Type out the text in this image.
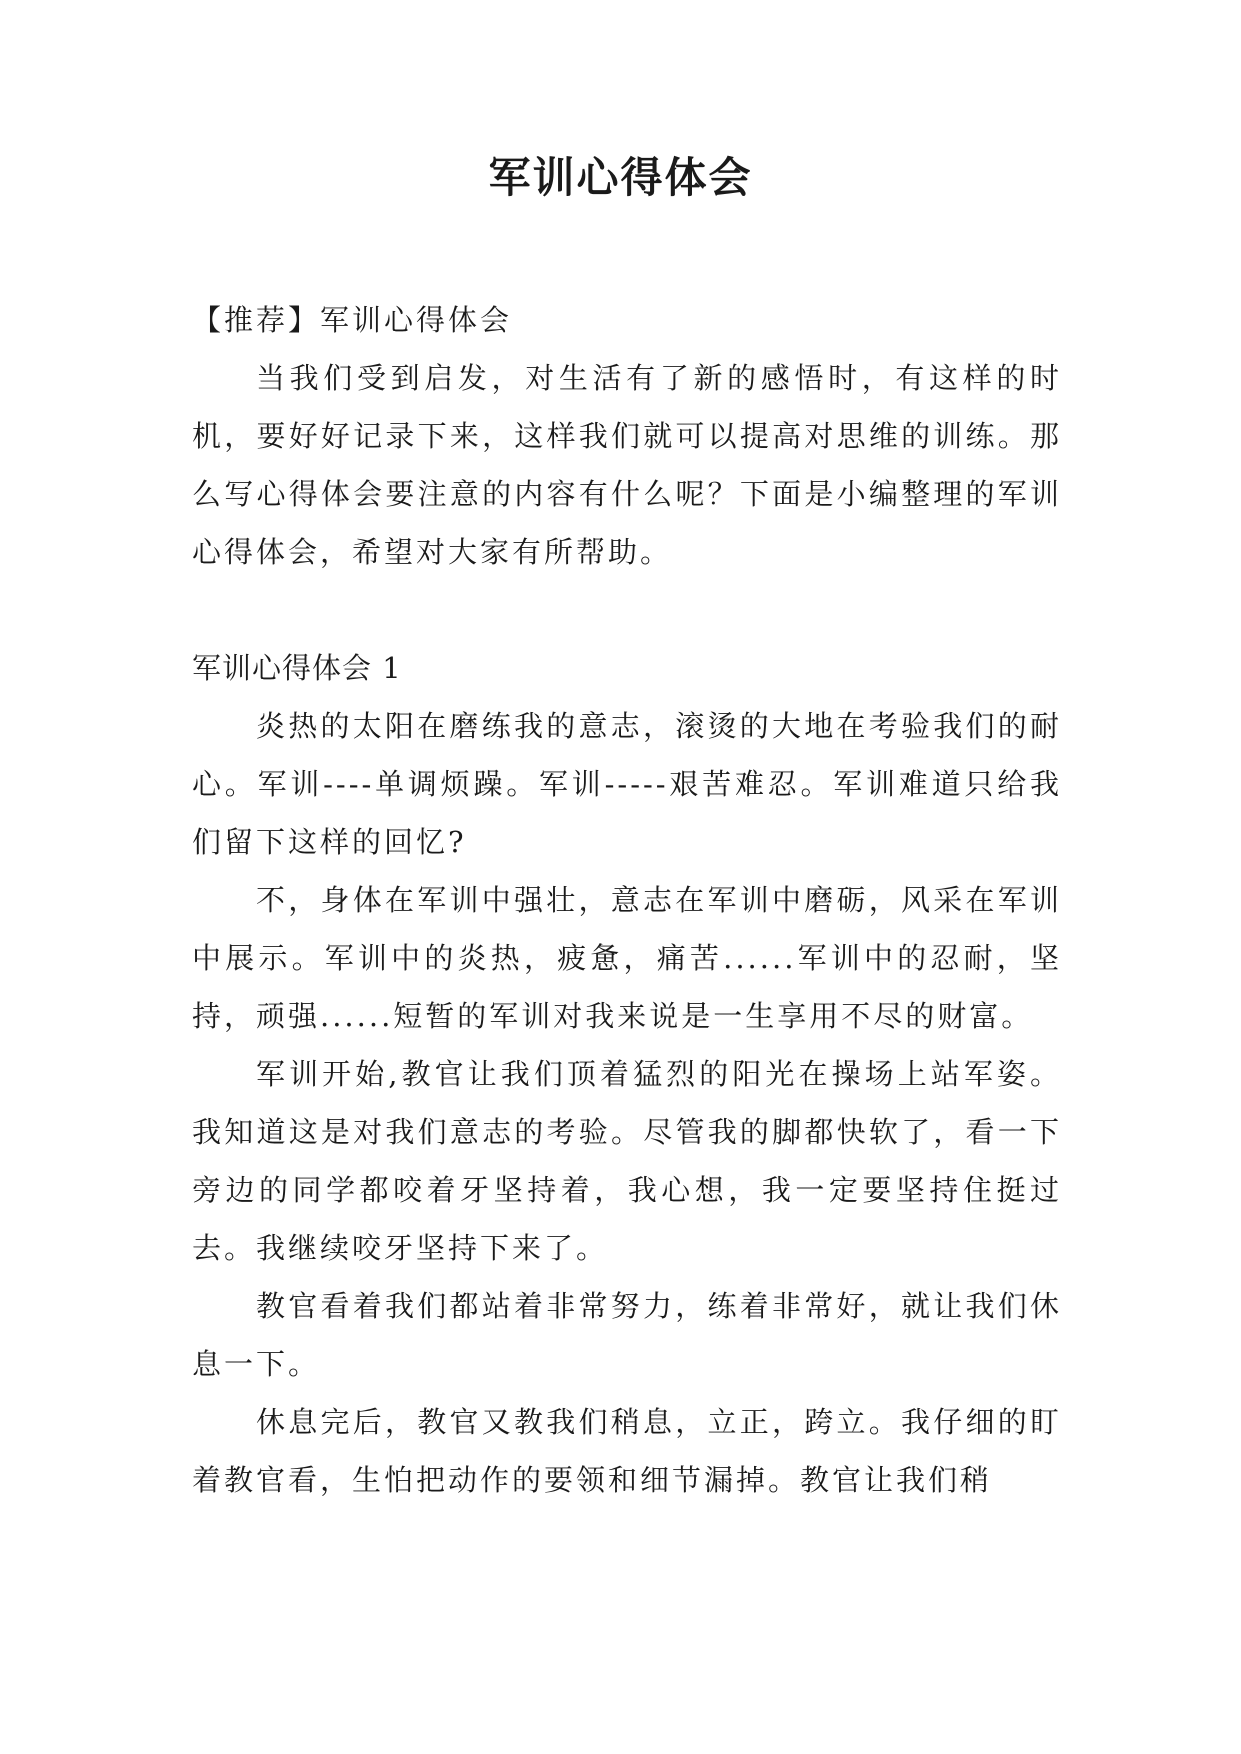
军训心得体会

【推荐】军训心得体会

当我们受到启发，对生活有了新的感悟时，有这样的时机，要好好记录下来，这样我们就可以提高对思维的训练。那么写心得体会要注意的内容有什么呢？下面是小编整理的军训心得体会，希望对大家有所帮助。

军训心得体会 1

炎热的太阳在磨练我的意志，滚烫的大地在考验我们的耐心。军训----单调烦躁。军训-----艰苦难忍。军训难道只给我们留下这样的回忆?

不，身体在军训中强壮，意志在军训中磨砺，风采在军训中展示。军训中的炎热，疲惫，痛苦......军训中的忍耐，坚持，顽强......短暂的军训对我来说是一生享用不尽的财富。

军训开始,教官让我们顶着猛烈的阳光在操场上站军姿。我知道这是对我们意志的考验。尽管我的脚都快软了，看一下旁边的同学都咬着牙坚持着，我心想，我一定要坚持住挺过去。我继续咬牙坚持下来了。

教官看着我们都站着非常努力，练着非常好，就让我们休息一下。

休息完后，教官又教我们稍息，立正，跨立。我仔细的盯着教官看，生怕把动作的要领和细节漏掉。教官让我们稍
